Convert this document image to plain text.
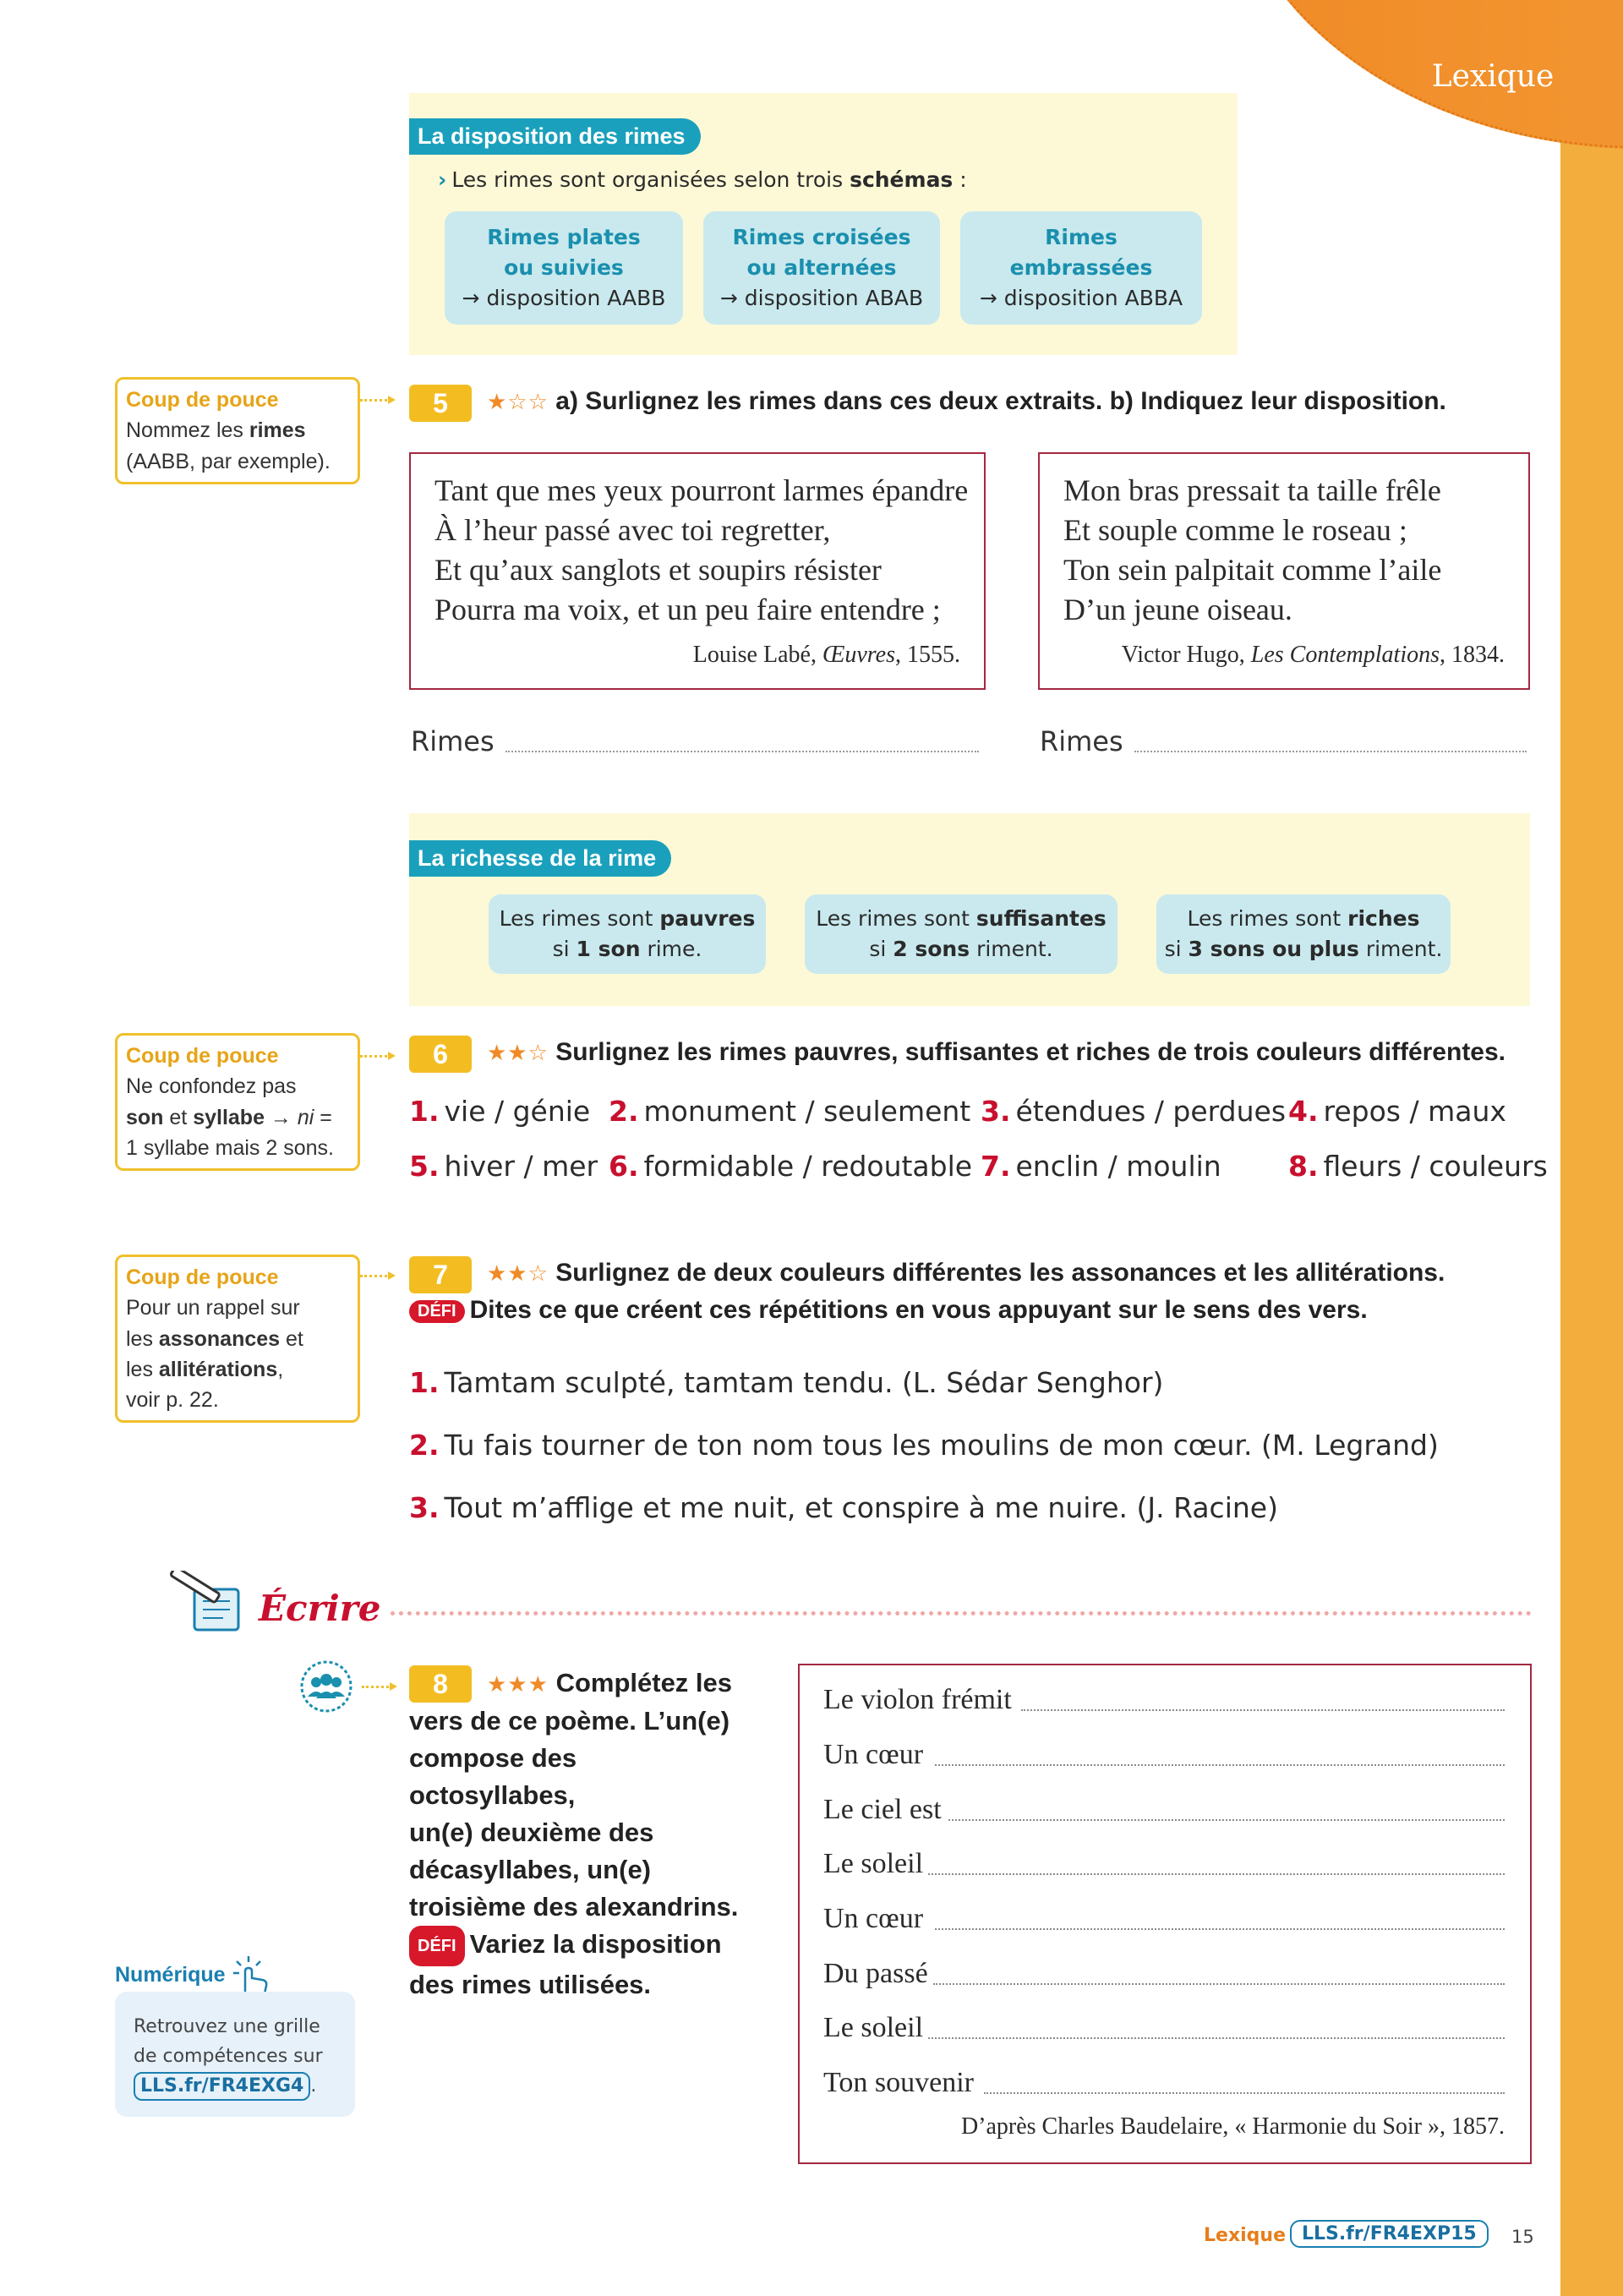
Lexique
La disposition des rimes
› Les rimes sont organisées selon trois schémas :
Rimes plates
ou suivies
→ disposition AABB
Rimes croisées
ou alternées
→ disposition ABAB
Rimes
embrassées
→ disposition ABBA
Coup de pouce
Nommez les rimes
(AABB, par exemple).
5	★☆☆ a) Surlignez les rimes dans ces deux extraits. b) Indiquez leur disposition.
Tant que mes yeux pourront larmes épandre
À l’heur passé avec toi regretter,
Et qu’aux sanglots et soupirs résister
Pourra ma voix, et un peu faire entendre ;
Louise Labé, Œuvres, 1555.
Mon bras pressait ta taille frêle
Et souple comme le roseau ;
Ton sein palpitait comme l’aile
D’un jeune oiseau.
Victor Hugo, Les Contemplations, 1834.
Rimes	Rimes
La richesse de la rime
Les rimes sont pauvres
si 1 son rime.
Les rimes sont suffisantes
si 2 sons riment.
Les rimes sont riches
si 3 sons ou plus riment.
Coup de pouce
Ne confondez pas
son et syllabe → ni =
1 syllabe mais 2 sons.
6	★★☆ Surlignez les rimes pauvres, suffisantes et riches de trois couleurs différentes.
1. vie / génie 2. monument / seulement 3. étendues / perdues 4. repos / maux
5. hiver / mer 6. formidable / redoutable 7. enclin / moulin 8. fleurs / couleurs
Coup de pouce
Pour un rappel sur
les assonances et
les allitérations,
voir p. 22.
7	★★☆ Surlignez de deux couleurs différentes les assonances et les allitérations.
DÉFI Dites ce que créent ces répétitions en vous appuyant sur le sens des vers.
1. Tamtam sculpté, tamtam tendu. (L. Sédar Senghor)
2. Tu fais tourner de ton nom tous les moulins de mon cœur. (M. Legrand)
3. Tout m’afflige et me nuit, et conspire à me nuire. (J. Racine)
Écrire
8	★★★ Complétez les
vers de ce poème. L’un(e)
compose des octosyllabes,
un(e) deuxième des
décasyllabes, un(e)
troisième des alexandrins.
DÉFI Variez la disposition
des rimes utilisées.
Le violon frémit
Un cœur
Le ciel est
Le soleil
Un cœur
Du passé
Le soleil
Ton souvenir
D’après Charles Baudelaire, « Harmonie du Soir », 1857.
Numérique
Retrouvez une grille
de compétences sur
LLS.fr/FR4EXG4 .
Lexique LLS.fr/FR4EXP15	15
